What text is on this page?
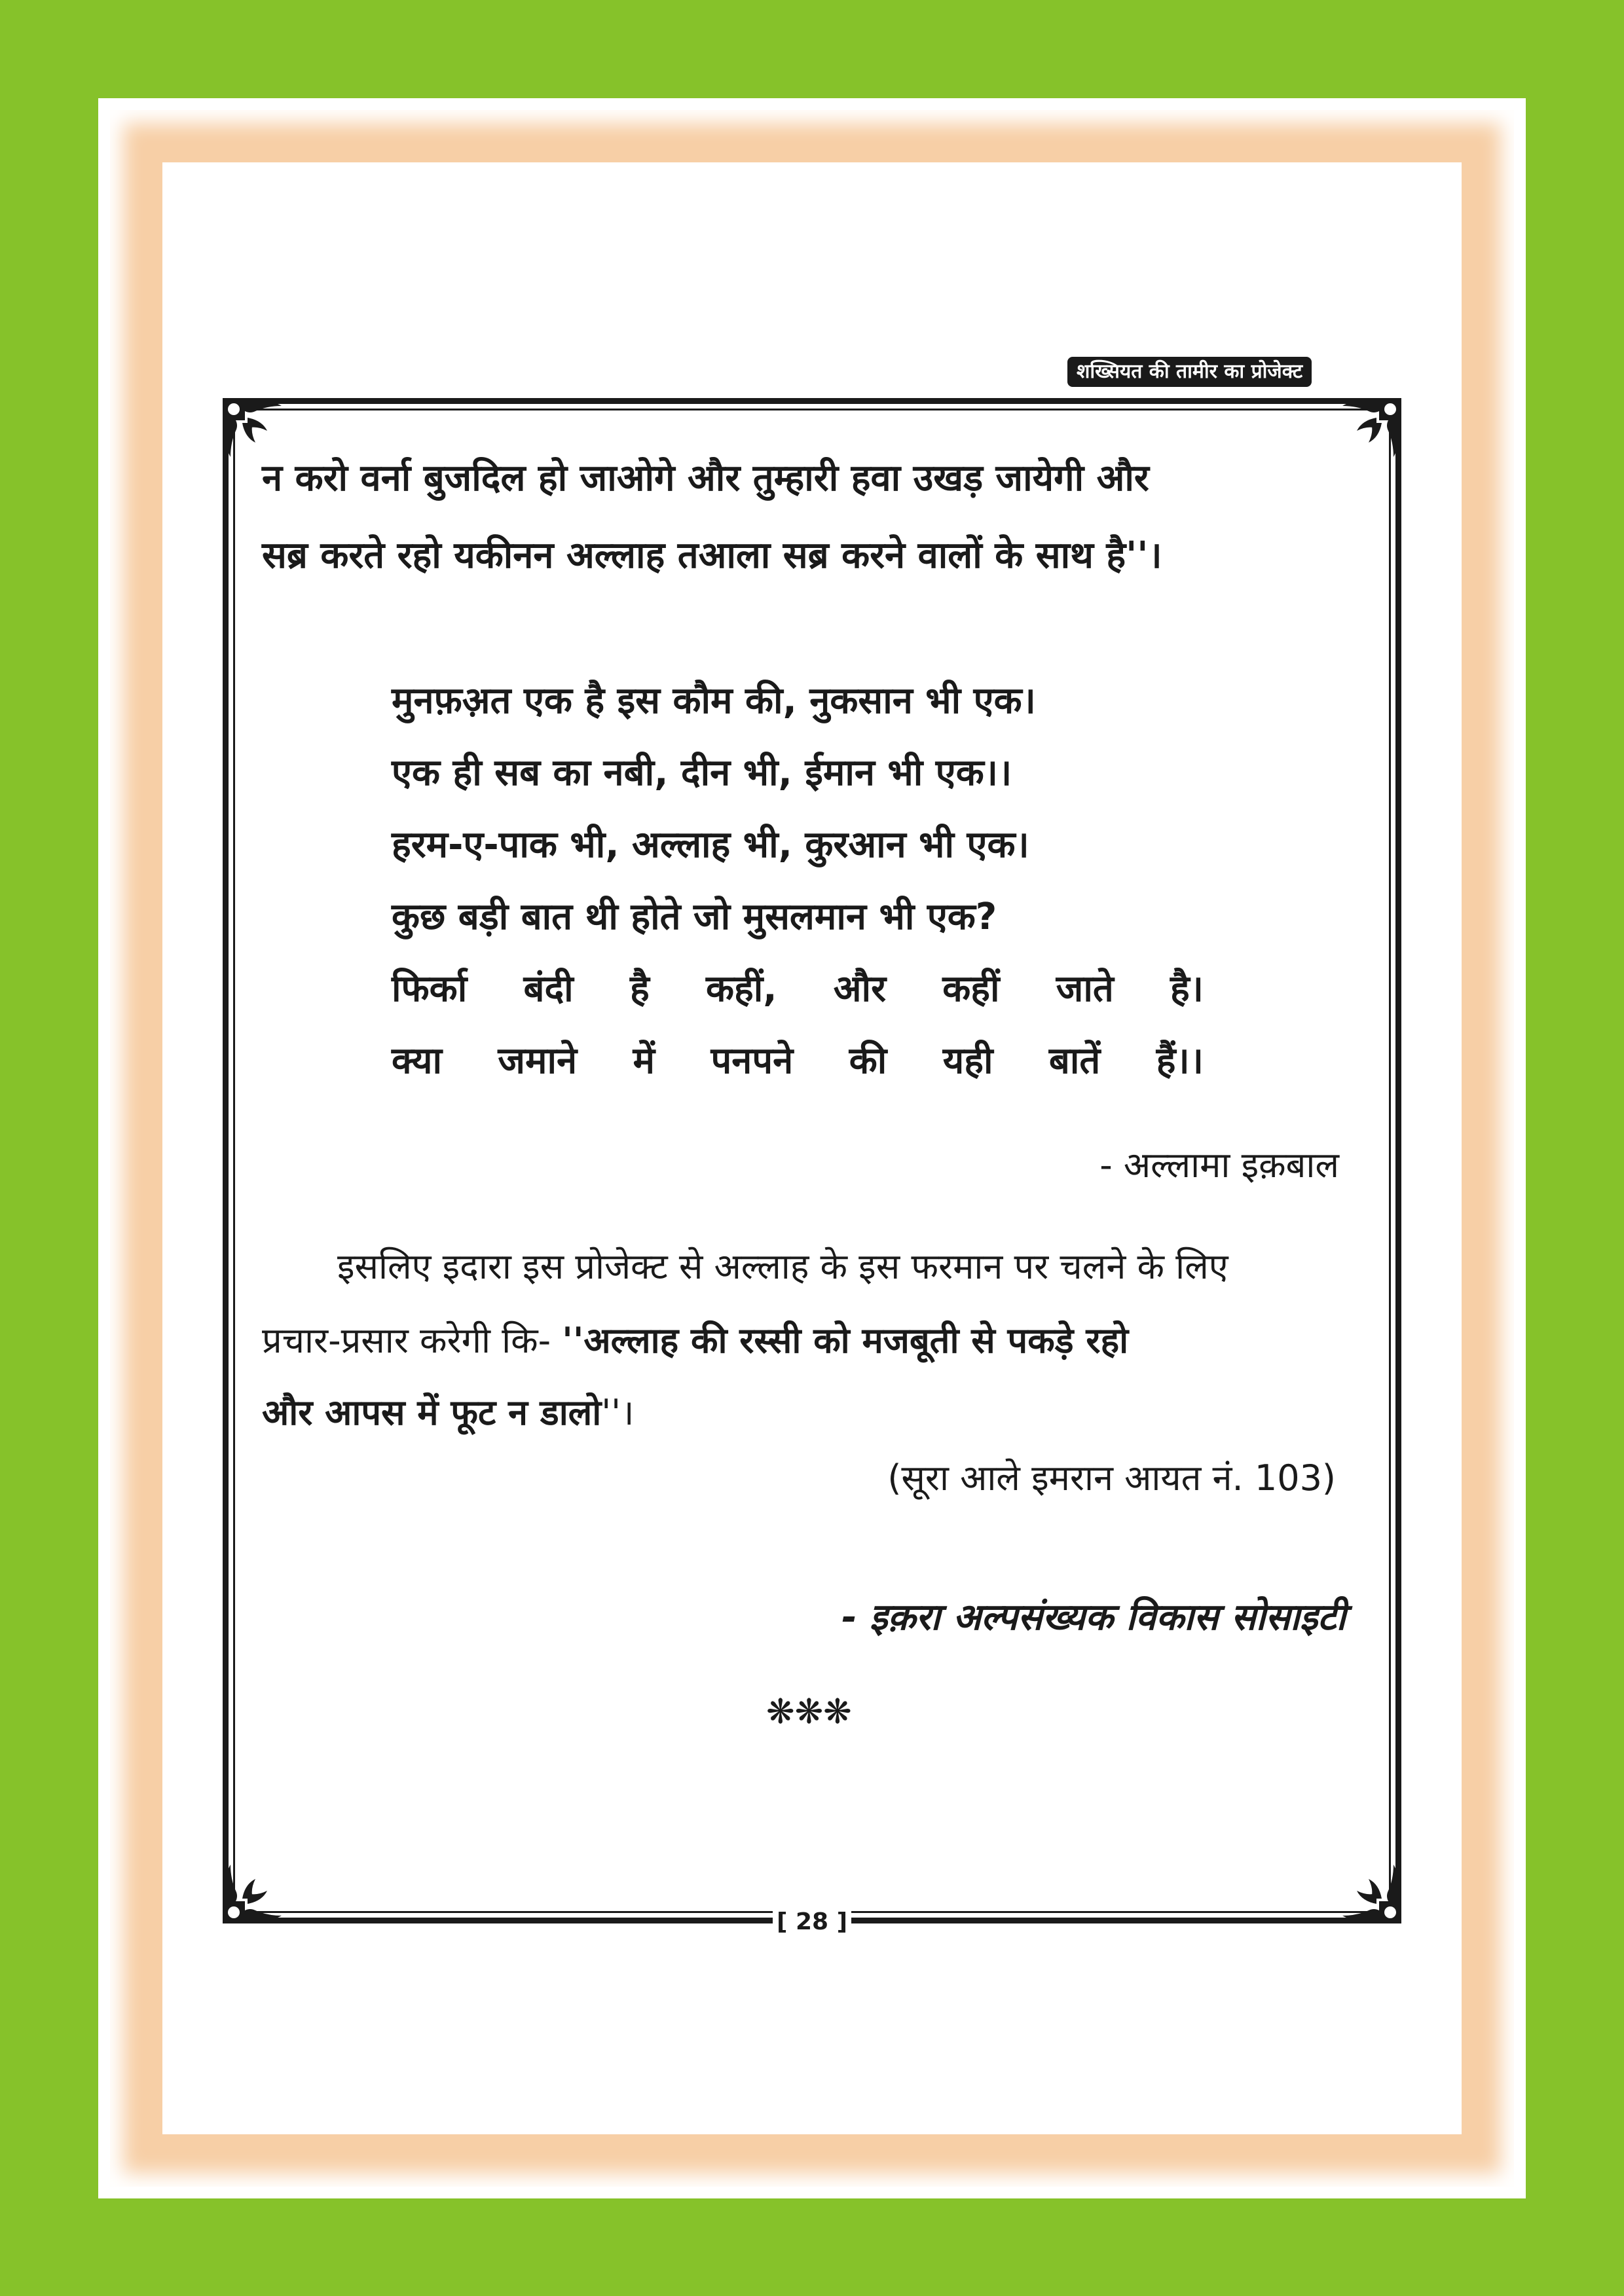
शख्सियत की तामीर का प्रोजेक्ट
न करो वर्ना बुजदिल हो जाओगे और तुम्हारी हवा उखड़ जायेगी और
सब्र करते रहो यकीनन अल्लाह तआला सब्र करने वालों के साथ है''।
मुनफ़अ़त एक है इस कौम की, नुकसान भी एक।
एक ही सब का नबी, दीन भी, ईमान भी एक।।
हरम-ए-पाक भी, अल्लाह भी, कुरआन भी एक।
कुछ बड़ी बात थी होते जो मुसलमान भी एक?
फिर्का बंदी है कहीं, और कहीं जाते है।
क्या जमाने में पनपने की यही बातें हैं।।
- अल्लामा इक़बाल
इसलिए इदारा इस प्रोजेक्ट से अल्लाह के इस फरमान पर चलने के लिए
प्रचार-प्रसार करेगी कि- ''अल्लाह की रस्सी को मजबूती से पकड़े रहो
और आपस में फूट न डालो''।
(सूरा आले इमरान आयत नं. 103)
- इक़रा अल्पसंख्यक विकास सोसाइटी
❋❋❋
[ 28 ]
